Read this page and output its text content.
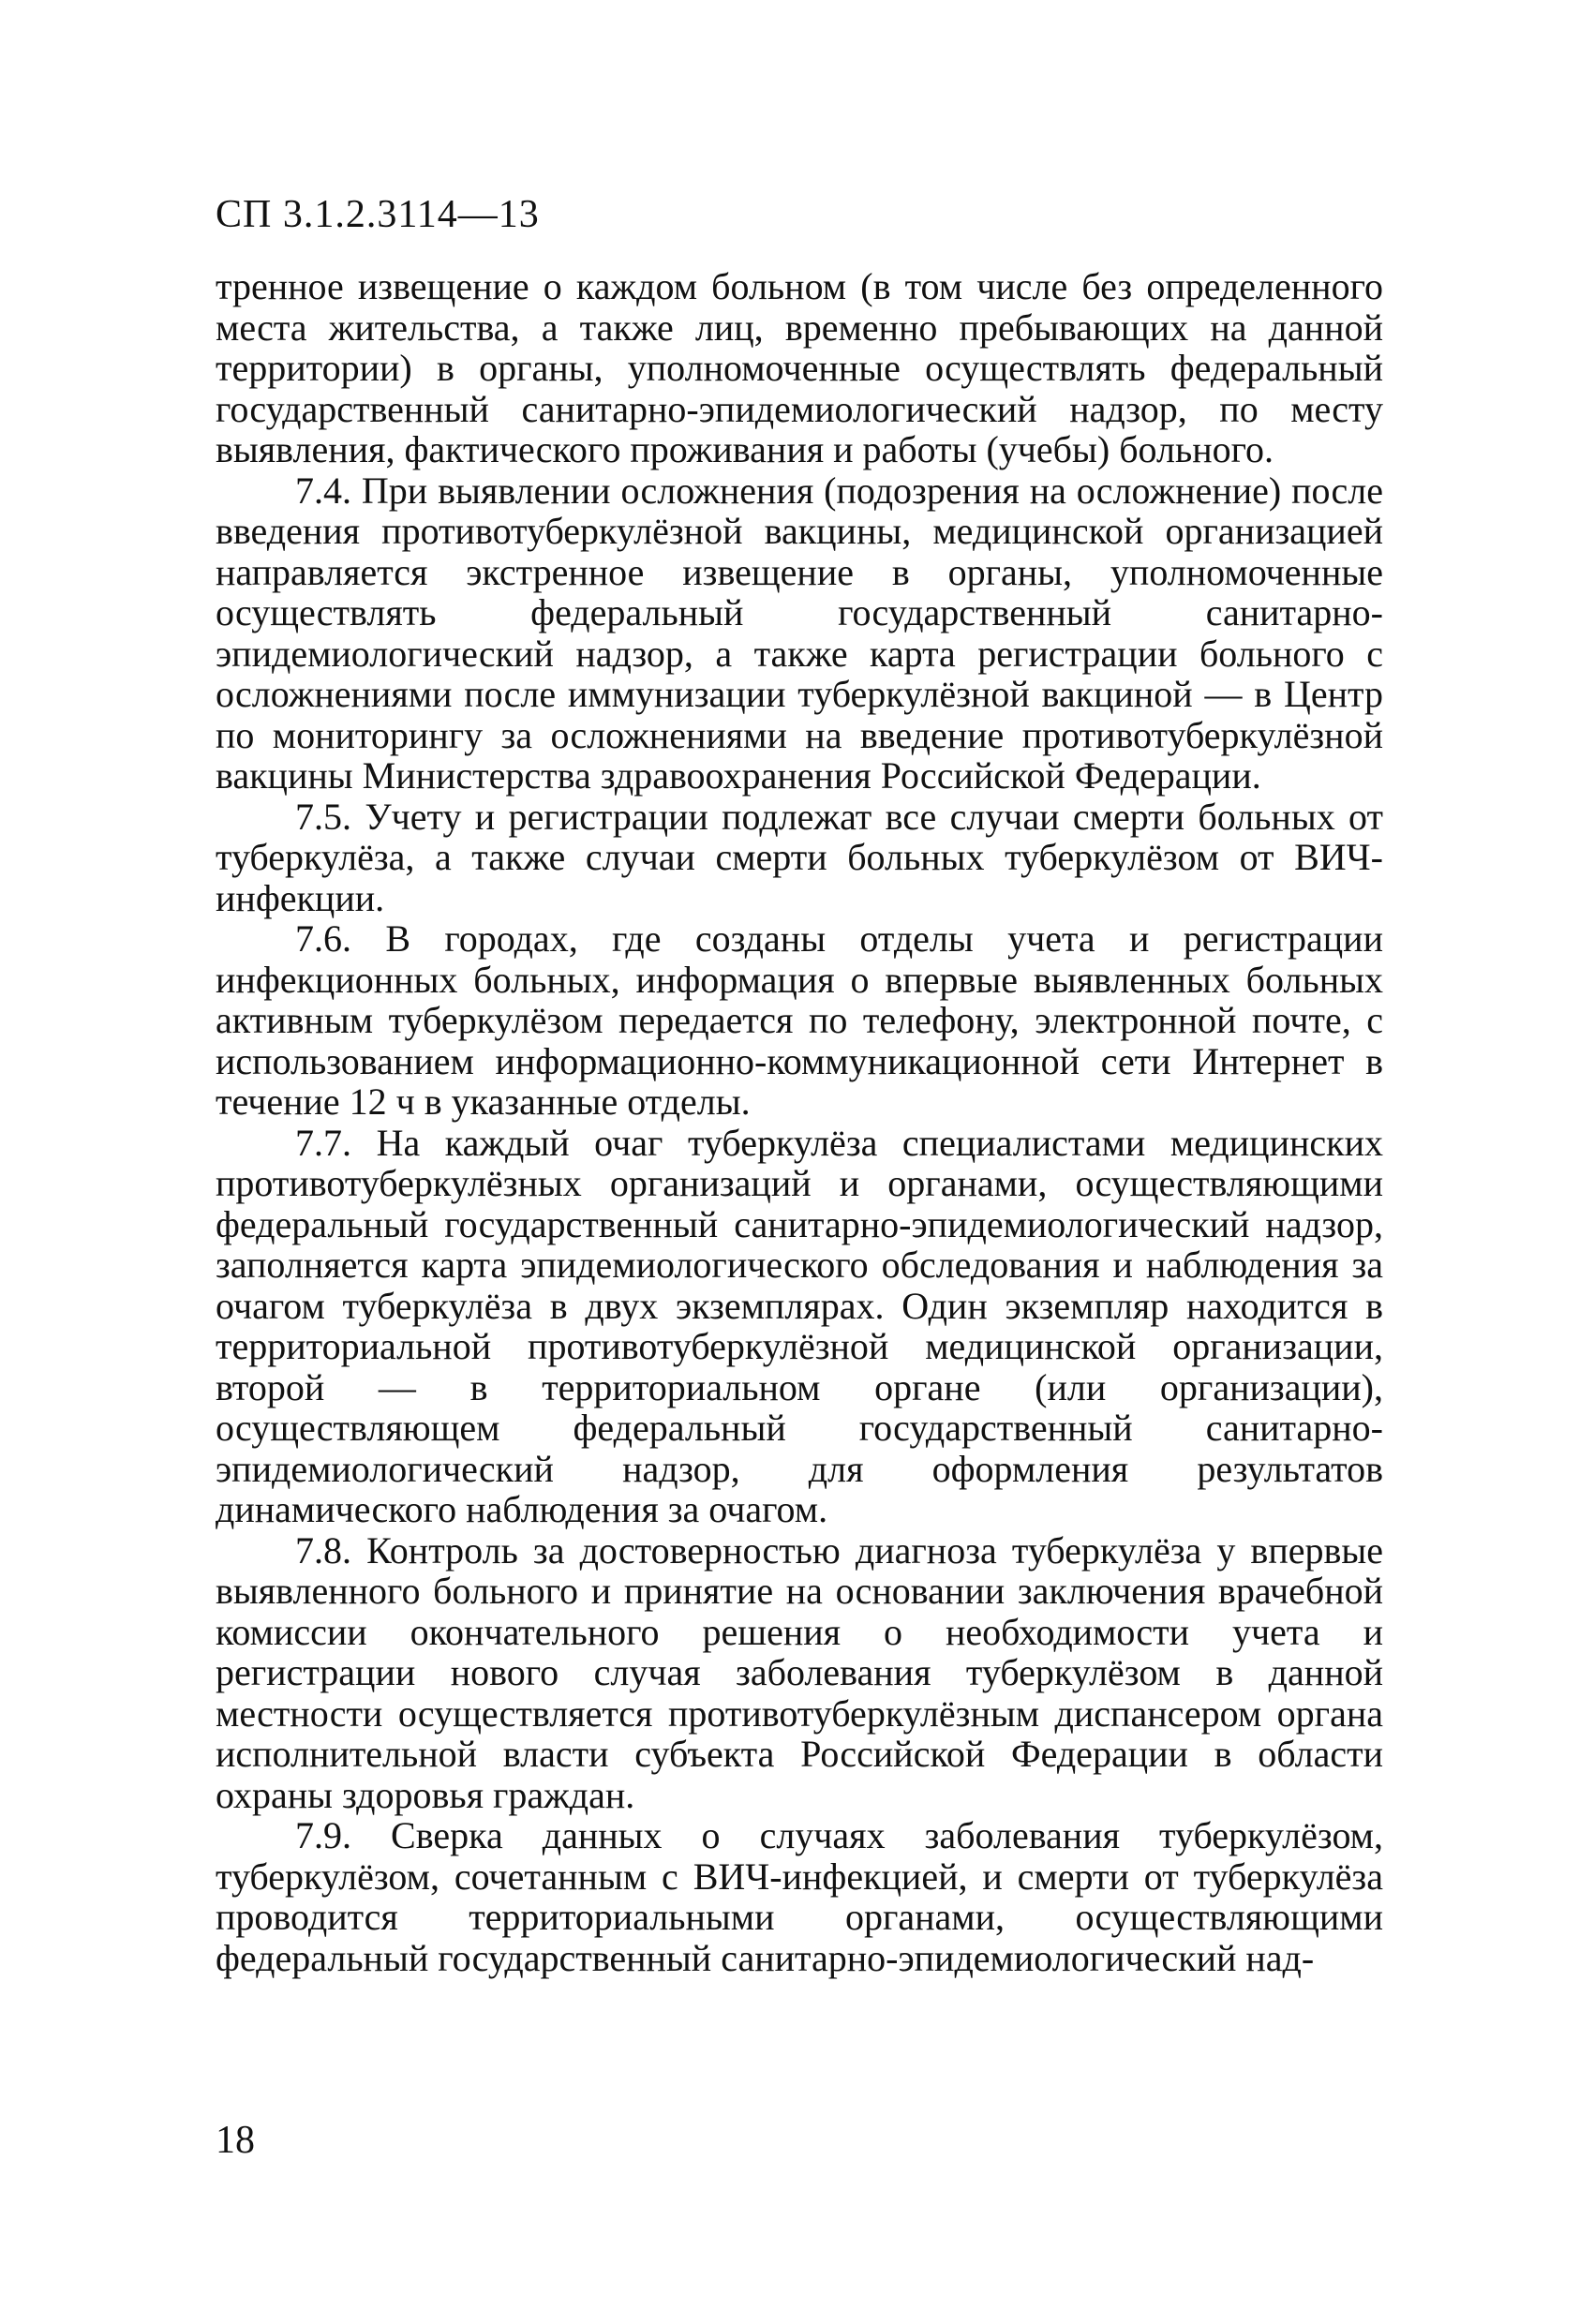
СП 3.1.2.3114—13

тренное извещение о каждом больном (в том числе без определенного места жительства, а также лиц, временно пребывающих на данной территории) в органы, уполномоченные осуществлять федеральный государственный санитарно-эпидемиологический надзор, по месту выявления, фактического проживания и работы (учебы) больного.

7.4. При выявлении осложнения (подозрения на осложнение) после введения противотуберкулёзной вакцины, медицинской организацией направляется экстренное извещение в органы, уполномоченные осуществлять федеральный государственный санитарно-эпидемиологический надзор, а также карта регистрации больного с осложнениями после иммунизации туберкулёзной вакциной — в Центр по мониторингу за осложнениями на введение противотуберкулёзной вакцины Министерства здравоохранения Российской Федерации.

7.5. Учету и регистрации подлежат все случаи смерти больных от туберкулёза, а также случаи смерти больных туберкулёзом от ВИЧ-инфекции.

7.6. В городах, где созданы отделы учета и регистрации инфекционных больных, информация о впервые выявленных больных активным туберкулёзом передается по телефону, электронной почте, с использованием информационно-коммуникационной сети Интернет в течение 12 ч в указанные отделы.

7.7. На каждый очаг туберкулёза специалистами медицинских противотуберкулёзных организаций и органами, осуществляющими федеральный государственный санитарно-эпидемиологический надзор, заполняется карта эпидемиологического обследования и наблюдения за очагом туберкулёза в двух экземплярах. Один экземпляр находится в территориальной противотуберкулёзной медицинской организации, второй — в территориальном органе (или организации), осуществляющем федеральный государственный санитарно-эпидемиологический надзор, для оформления результатов динамического наблюдения за очагом.

7.8. Контроль за достоверностью диагноза туберкулёза у впервые выявленного больного и принятие на основании заключения врачебной комиссии окончательного решения о необходимости учета и регистрации нового случая заболевания туберкулёзом в данной местности осуществляется противотуберкулёзным диспансером органа исполнительной власти субъекта Российской Федерации в области охраны здоровья граждан.

7.9. Сверка данных о случаях заболевания туберкулёзом, туберкулёзом, сочетанным с ВИЧ-инфекцией, и смерти от туберкулёза проводится территориальными органами, осуществляющими федеральный государственный санитарно-эпидемиологический над-

18
